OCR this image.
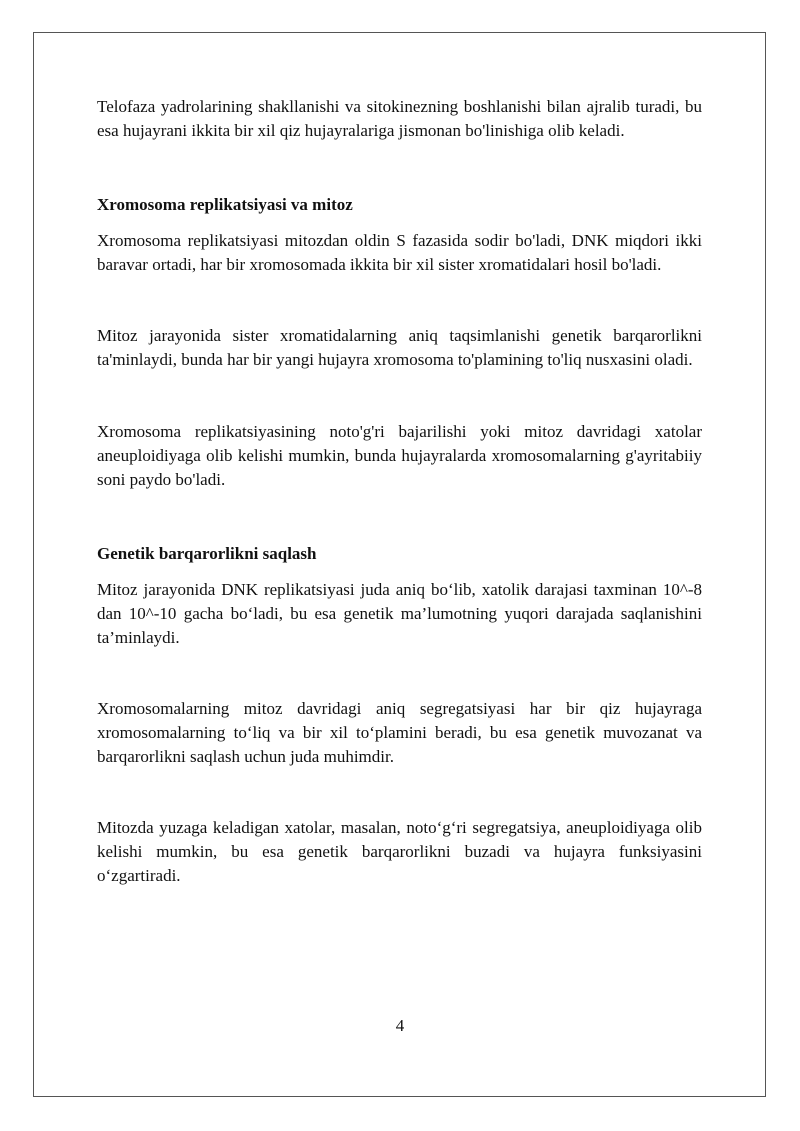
Telofaza yadrolarining shakllanishi va sitokinezning boshlanishi bilan ajralib turadi, bu esa hujayrani ikkita bir xil qiz hujayralariga jismonan bo'linishiga olib keladi.

Xromosoma replikatsiyasi va mitoz

Xromosoma replikatsiyasi mitozdan oldin S fazasida sodir bo'ladi, DNK miqdori ikki baravar ortadi, har bir xromosomada ikkita bir xil sister xromatidalari hosil bo'ladi.

Mitoz jarayonida sister xromatidalarning aniq taqsimlanishi genetik barqarorlikni ta'minlaydi, bunda har bir yangi hujayra xromosoma to'plamining to'liq nusxasini oladi.

Xromosoma replikatsiyasining noto'g'ri bajarilishi yoki mitoz davridagi xatolar aneuploidiyaga olib kelishi mumkin, bunda hujayralarda xromosomalarning g'ayritabiiy soni paydo bo'ladi.

Genetik barqarorlikni saqlash

Mitoz jarayonida DNK replikatsiyasi juda aniq bo‘lib, xatolik darajasi taxminan 10^-8 dan 10^-10 gacha bo‘ladi, bu esa genetik ma’lumotning yuqori darajada saqlanishini ta’minlaydi.

Xromosomalarning mitoz davridagi aniq segregatsiyasi har bir qiz hujayraga xromosomalarning to‘liq va bir xil to‘plamini beradi, bu esa genetik muvozanat va barqarorlikni saqlash uchun juda muhimdir.

Mitozda yuzaga keladigan xatolar, masalan, noto‘g‘ri segregatsiya, aneuploidiyaga olib kelishi mumkin, bu esa genetik barqarorlikni buzadi va hujayra funksiyasini o‘zgartiradi.

4
